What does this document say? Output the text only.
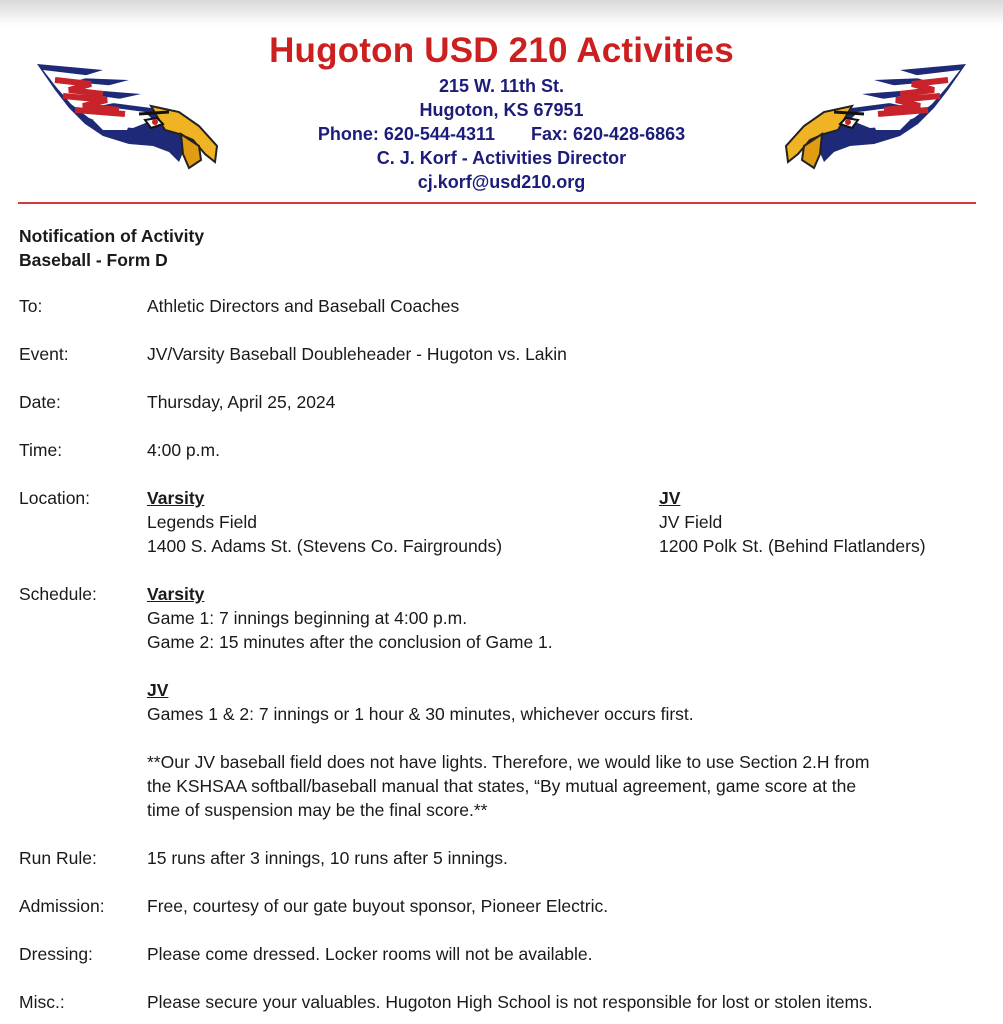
Hugoton USD 210 Activities
215 W. 11th St.
Hugoton, KS 67951
Phone: 620-544-4311 Fax: 620-428-6863
C. J. Korf - Activities Director
cj.korf@usd210.org
Notification of Activity
Baseball - Form D
To:	Athletic Directors and Baseball Coaches
Event:	JV/Varsity Baseball Doubleheader - Hugoton vs. Lakin
Date:	Thursday, April 25, 2024
Time:	4:00 p.m.
Location:	Varsity
Legends Field
1400 S. Adams St. (Stevens Co. Fairgrounds)
JV
JV Field
1200 Polk St. (Behind Flatlanders)
Schedule:	Varsity
Game 1: 7 innings beginning at 4:00 p.m.
Game 2: 15 minutes after the conclusion of Game 1.
JV
Games 1 & 2: 7 innings or 1 hour & 30 minutes, whichever occurs first.
**Our JV baseball field does not have lights. Therefore, we would like to use Section 2.H from
the KSHSAA softball/baseball manual that states, “By mutual agreement, game score at the
time of suspension may be the final score.**
Run Rule:	15 runs after 3 innings, 10 runs after 5 innings.
Admission: Free, courtesy of our gate buyout sponsor, Pioneer Electric.
Dressing:	Please come dressed. Locker rooms will not be available.
Misc.:	Please secure your valuables. Hugoton High School is not responsible for lost or stolen items.
